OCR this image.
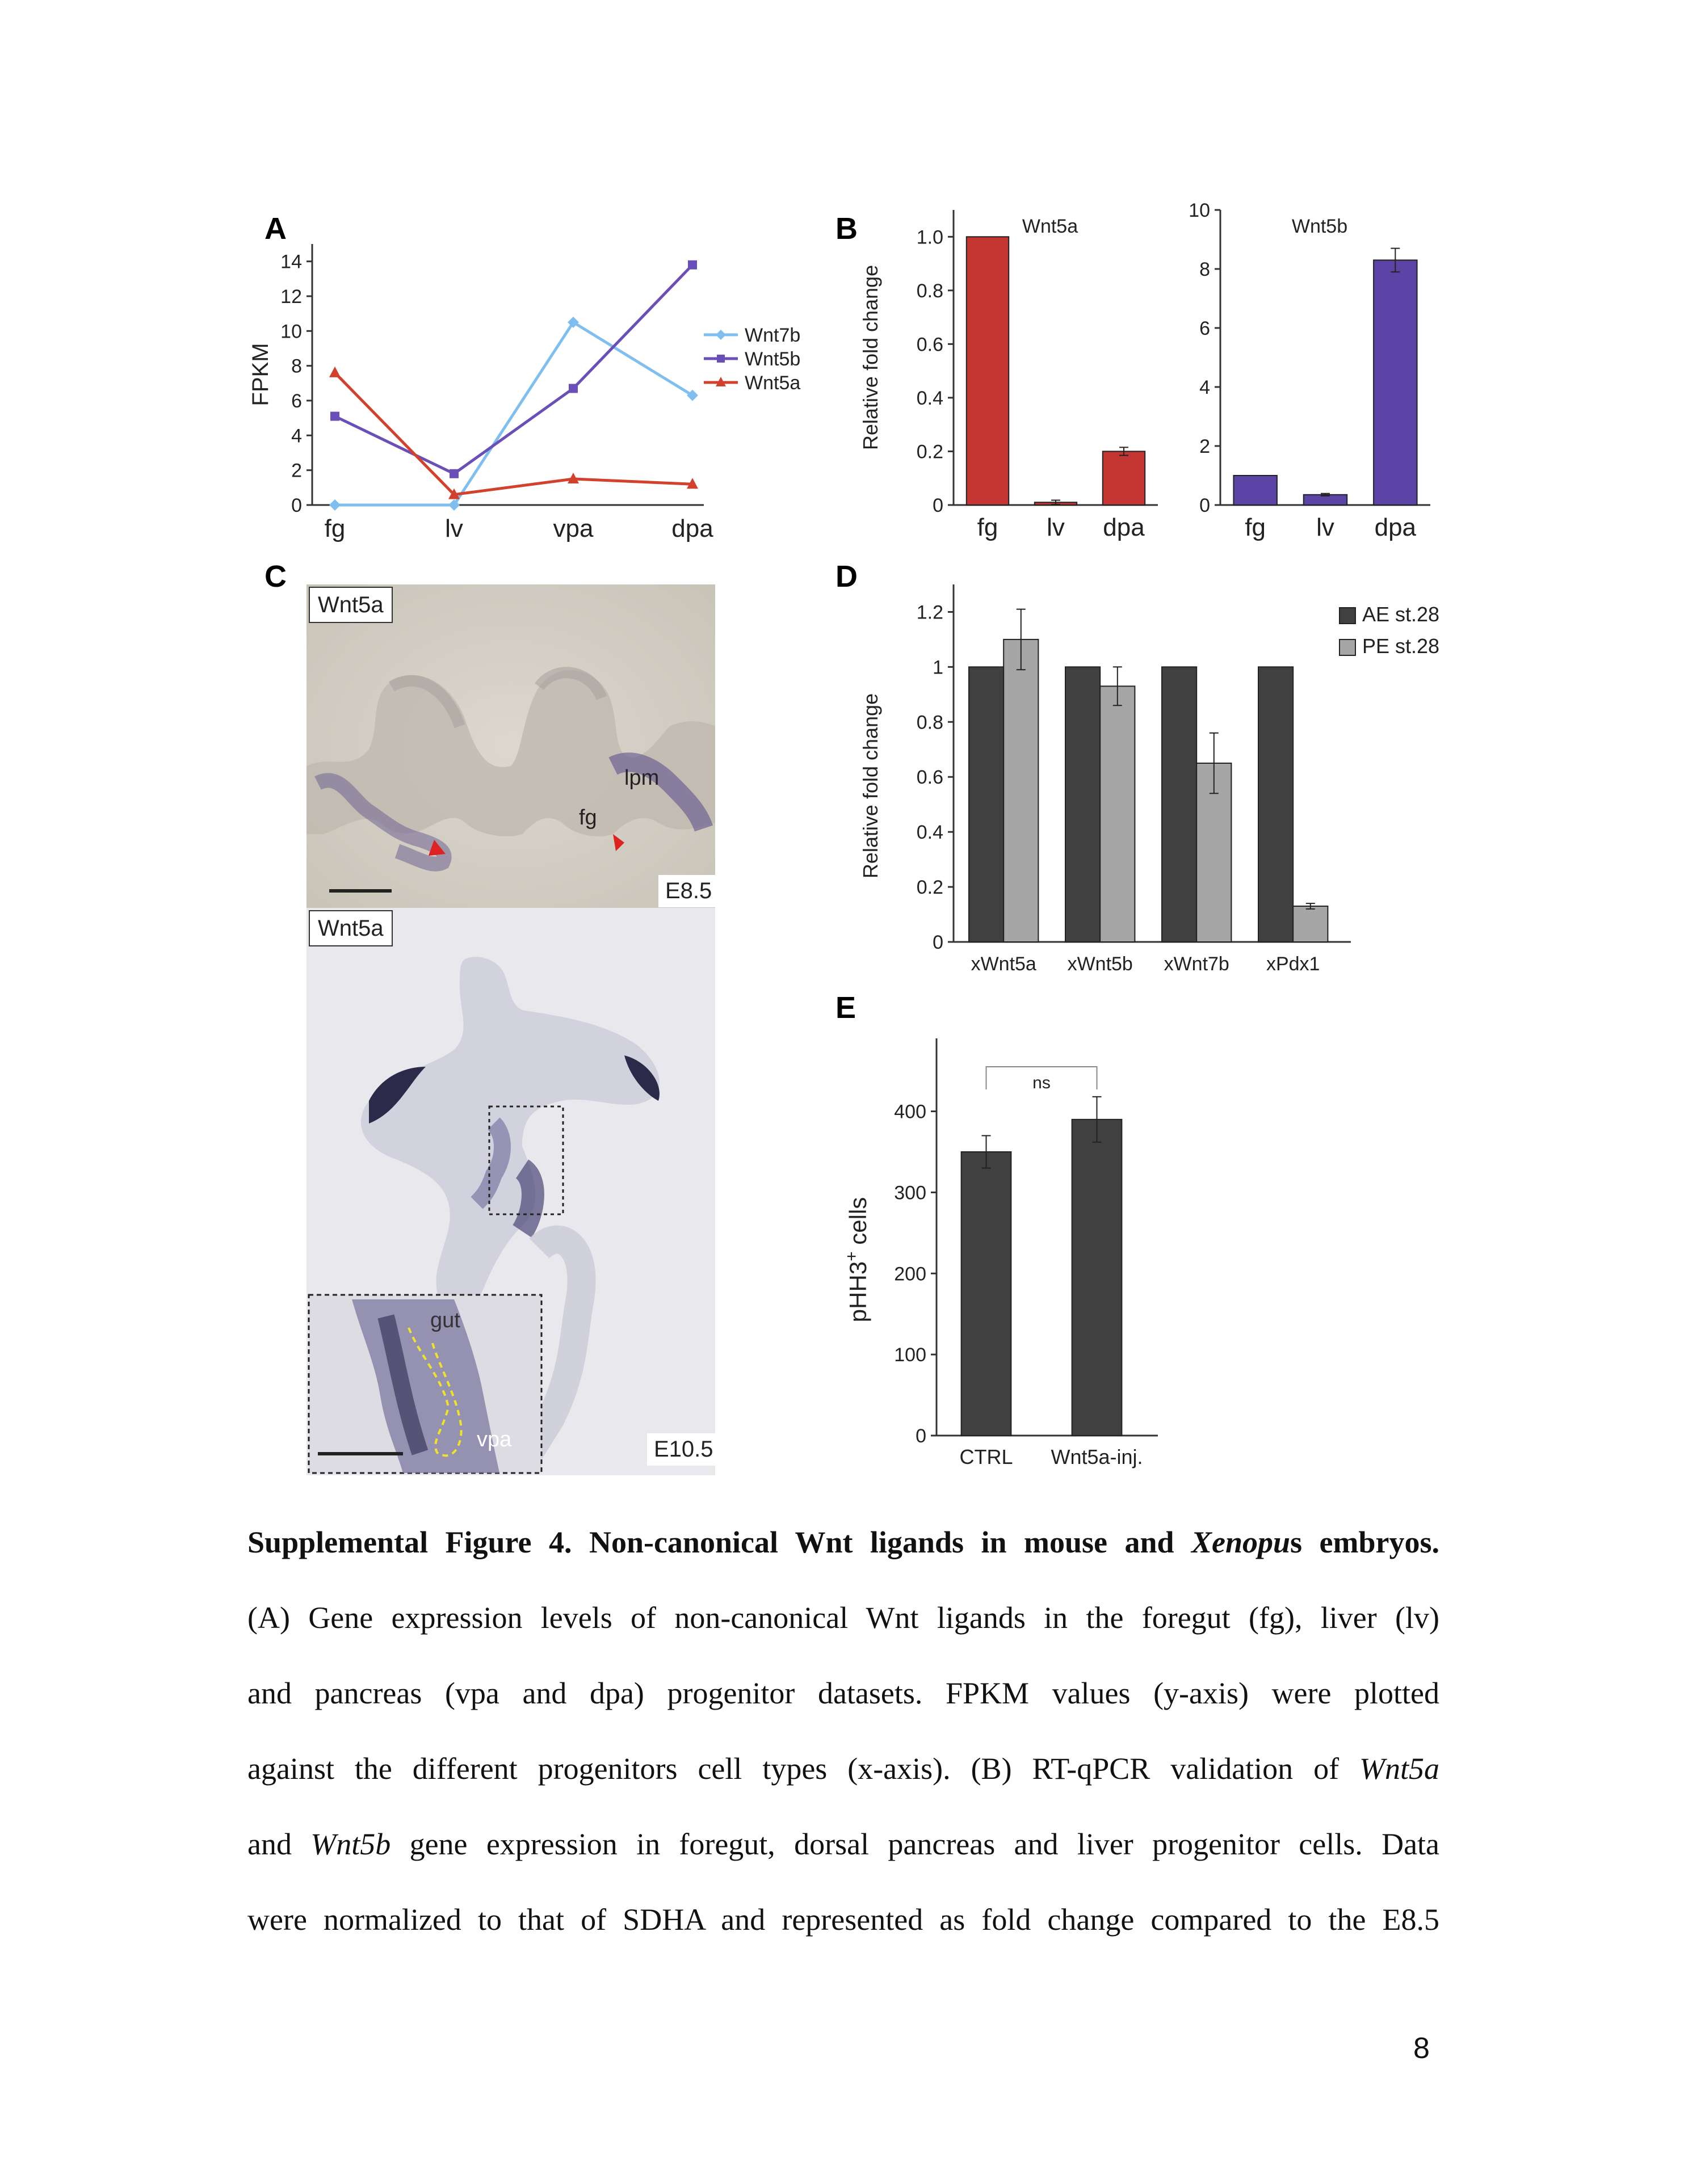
A	B
C	D
E
0
2
4
6
8
10
12
14
fg	lv	vpa	dpa
FPKM
Wnt7b
Wnt5b
Wnt5a
0
0.2
0.4
0.6
0.8
1.0
Wnt5a
fg lv dpa
Relative fold change
0
2
4
6
8
10
Wnt5b
fg lv dpa
lpm
fg
Wnt5a
E8.5
gut
vpa
Wnt5a
E10.5
0
0.2
0.4
0.6
0.8
1
1.2
Relative fold change
xWnt5a xWnt5b xWnt7b xPdx1
AE st.28
PE st.28
0
100
200
300
400
pHH3+ cells
CTRL Wnt5a-inj.
ns

Supplemental Figure 4. Non-canonical Wnt ligands in mouse and Xenopus embryos.

(A) Gene expression levels of non-canonical Wnt ligands in the foregut (fg), liver (lv)

and pancreas (vpa and dpa) progenitor datasets. FPKM values (y-axis) were plotted

against the different progenitors cell types (x-axis). (B) RT-qPCR validation of Wnt5a

and Wnt5b gene expression in foregut, dorsal pancreas and liver progenitor cells. Data

were normalized to that of SDHA and represented as fold change compared to the E8.5

8
